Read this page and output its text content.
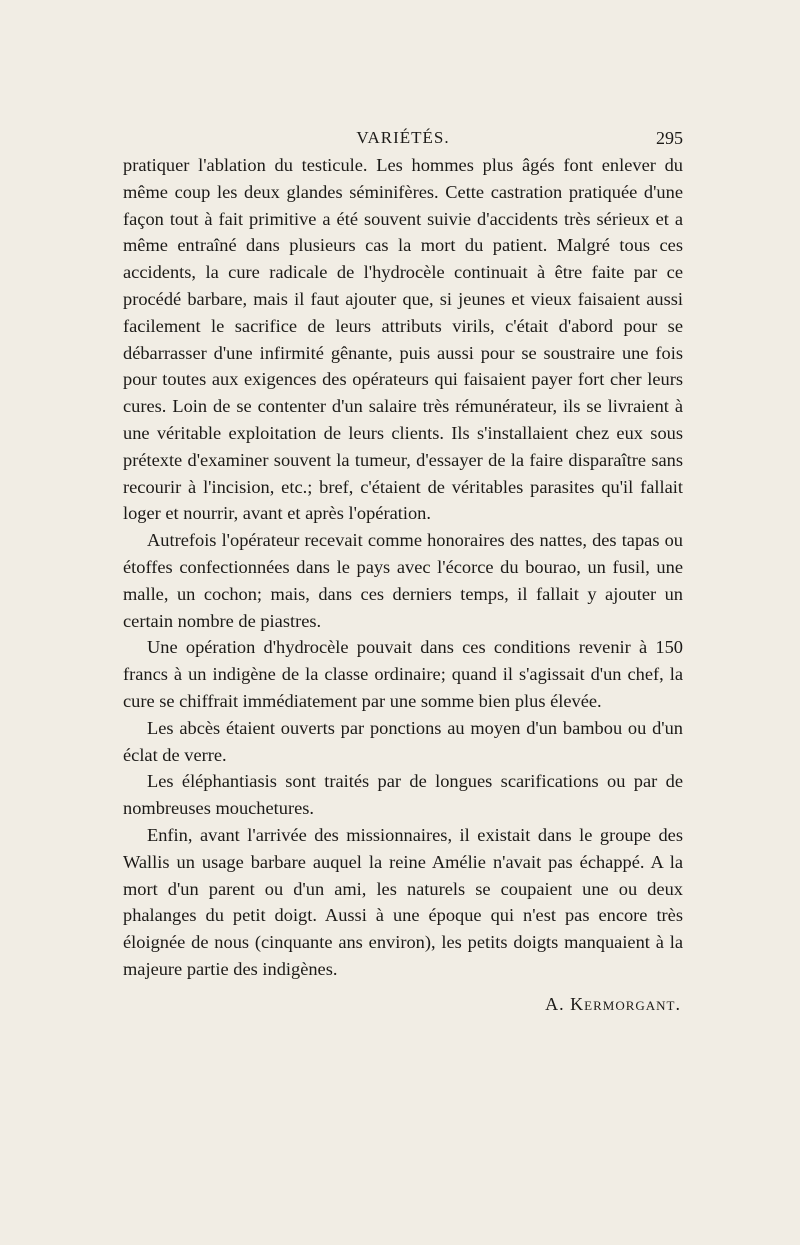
VARIÉTÉS.	295

pratiquer l'ablation du testicule. Les hommes plus âgés font enlever du même coup les deux glandes séminifères. Cette castration pratiquée d'une façon tout à fait primitive a été souvent suivie d'accidents très sérieux et a même entraîné dans plusieurs cas la mort du patient. Malgré tous ces accidents, la cure radicale de l'hydrocèle continuait à être faite par ce procédé barbare, mais il faut ajouter que, si jeunes et vieux faisaient aussi facilement le sacrifice de leurs attributs virils, c'était d'abord pour se débarrasser d'une infirmité gênante, puis aussi pour se soustraire une fois pour toutes aux exigences des opérateurs qui faisaient payer fort cher leurs cures. Loin de se contenter d'un salaire très rémunérateur, ils se livraient à une véritable exploitation de leurs clients. Ils s'installaient chez eux sous prétexte d'examiner souvent la tumeur, d'essayer de la faire disparaître sans recourir à l'incision, etc.; bref, c'étaient de véritables parasites qu'il fallait loger et nourrir, avant et après l'opération.

Autrefois l'opérateur recevait comme honoraires des nattes, des tapas ou étoffes confectionnées dans le pays avec l'écorce du bourao, un fusil, une malle, un cochon; mais, dans ces derniers temps, il fallait y ajouter un certain nombre de piastres.

Une opération d'hydrocèle pouvait dans ces conditions revenir à 150 francs à un indigène de la classe ordinaire; quand il s'agissait d'un chef, la cure se chiffrait immédiatement par une somme bien plus élevée.

Les abcès étaient ouverts par ponctions au moyen d'un bambou ou d'un éclat de verre.

Les éléphantiasis sont traités par de longues scarifications ou par de nombreuses mouchetures.

Enfin, avant l'arrivée des missionnaires, il existait dans le groupe des Wallis un usage barbare auquel la reine Amélie n'avait pas échappé. A la mort d'un parent ou d'un ami, les naturels se coupaient une ou deux phalanges du petit doigt. Aussi à une époque qui n'est pas encore très éloignée de nous (cinquante ans environ), les petits doigts manquaient à la majeure partie des indigènes.

A. Kermorgant.
